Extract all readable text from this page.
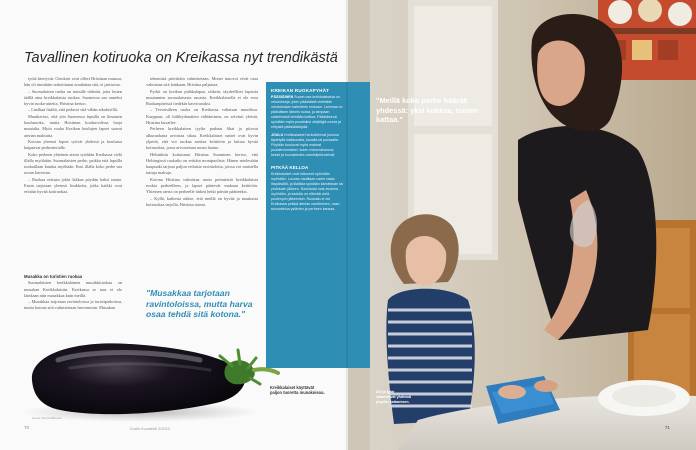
Tavallinen kotiruoka on Kreikassa nyt trendikästä

työtä kiertyvät. Ostokset ovat olleet Hristinan maassa; hän oli nimittäin tarkoittanut noudattaa sitä, ei jaettavaa.

– Suomalaisen ruoka on minulle tärkeää, jotta lasten täällä aina kreikkalaisia ruokaa. Suomessa saa onneksi hyvin ruoka-aineita, Hristina kertoo.

– Lindkaa lisältä, että pedasoi sitä vähän aikakivillä.

Muutkertoo, että yön Suomessa lapsilla on ilmainen kouluruoka, mutta Hristinan kouluroolissa luoja muutalta. Myös ruoka Kreikan koulujen lapset saavat aterian maksutta.

Kotona yleensä lapset syövät yhdessä ja koulussa kaipaavat perheaterialle.

Koko perheen yhteinen ateria syödään Kreikassa vielä illalla myöhään. Suomalaisten perhe, paikka että lapsilla ruokaillaan kuinka myöhään. Ensi illalla koko perhe saa ruoan kaverina.

– Ruokaa otetaan jokin lakkaa pöydän kaksi tuntia. Ensin tarjotaan yleensä lisukkeita, jotka kaikki ovat erittäin hyvää kotiruokaa.

Musakka on turistien ruokaa

Suomalaisten kreikkalainen musakkiruokaa on musakan Kreikkalaisiin. Kreikassa se taas ei ole lainkaan niin musakkaa kuin meillä.

– Musakkaa tarjotaan ravintoloissa ja turistipaikoissa, mutta kotona sitä valmistetaan harvemmin. Musakan

tekemistä päivittäin valmistetaan. Monet muovot eivät osaa valmistaa sitä lainkaan, Hristina paljastaa.

Pyrkii on kreikan pidäkalapaa, räikein, täydeelliset lapsista muutamien suomalaisesta ruoasta. Kreikkalaisella ei ole eroa Ruokanpiteissä tiedekin kasviruoaksi.

– Tervetulleen ruoka on Kreikassa valtaisan muodissa. Karppaus, oli hiilihydraattien välttäminen, on selvästi yleistä, Hristina kuvailee.

Perheen kreikkalaisen tyylin parhaat lihat ja pitovat alkuruokana arvostaa sikaa. Kreikkalaiset naiset ovat hyvin ylpeitä, että voi ruokaa asettaa keittiöön ja laittaa hyvää kotiruokaa, jossa arvostetaan ruoan laatua.

Helsinkiin kotiutunut Hristina Suominen kertoo, että Helsingissä ruokailu on erittäin monipuolista. Hänen mielestään kaupunki tarjoaa paljon erilaisia ravintoloita, joissa voi maistella tuttuja makuja.

Kotona Hristina valmistaa usein perinteisiä kreikkalaisia ruokia perheelleen, ja lapset pääsevät mukaan keittiöön. Yhteinen ateria on perheelle tärkeä hetki päivän päätteeksi.

– Kyllä, kaikesta näkee, että meillä on hyvää ja maukasta kotiruokaa tarjolla, Hristina toteaa.

"Musakkaa tarjotaan ravintoloissa, mutta harva osaa tehdä sitä kotona."

Kuvat: Nina Kahkonen

Kreikkalaiset käyttävät paljon tuoretta munakoisoa.

70	Kodin Kuvalehti 2/2012

KREIKAN RUOKAPYHÄT

PÄÄSIÄINEN Suurin osa kreikkalaisista on ortodokseja, joten pääsiäistä vietetään ortodoksisen kalenterin mukaan. Lammas on pääsiäisen tärkein ruoka, ja lampaan sisäelimistä tehdään keittoa. Pääsiäisenä syödään myös punaisiksi värjättyjä munia ja erityistä pääsiäisleipää.

JOULU Kreikkalaiset herkuttelevat jouluna täytetyllä kalkkunalla, kanalla tai porsaalla. Pöytään kuuluvat myös makeat joululeivonnaiset, kuten melomakarona-keksit ja kourabiedes-mantelipikkuleivät.

PITKÄÄ KELLOA

Kreikkalaiset ovat tottuneet syömään myöhään. Lounas nautitaan usein vasta iltapäivällä, ja illallista syödään kahdeksan tai yhdeksän jälkeen. Ravintolat ovat avoinna myöhään, ja kadulla on elämää vielä puolenyön jälkeenkin. Ruokailu ei ole Kreikassa pelkkä aterian nauttiminen, vaan seurustelua ystävien ja perheen kanssa.

"Meillä koko perhe häärää yhdessä: yksi kokkaa, toinen kattaa."

Äiti ja tytär valmistavat yhdessä pöydän kattamisen.

71
